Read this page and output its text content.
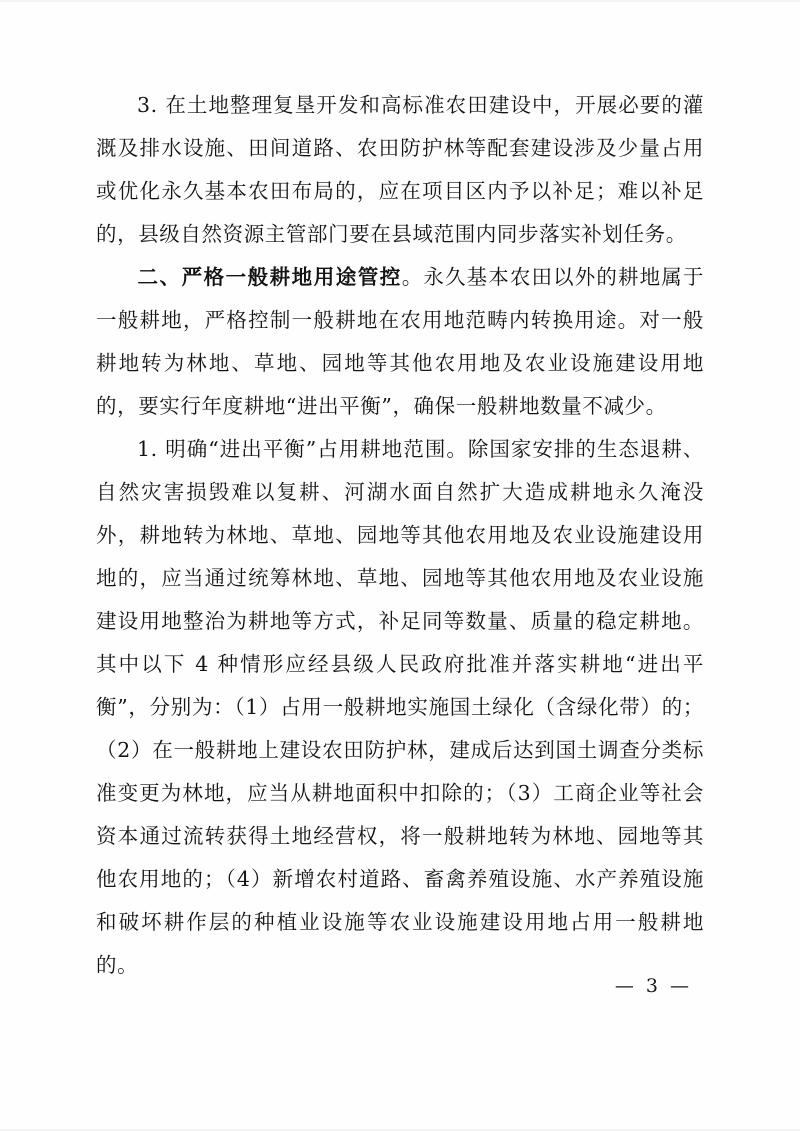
3. 在土地整理复垦开发和高标准农田建设中，开展必要的灌溉及排水设施、田间道路、农田防护林等配套建设涉及少量占用或优化永久基本农田布局的，应在项目区内予以补足；难以补足的，县级自然资源主管部门要在县域范围内同步落实补划任务。

二、严格一般耕地用途管控。永久基本农田以外的耕地属于一般耕地，严格控制一般耕地在农用地范畴内转换用途。对一般耕地转为林地、草地、园地等其他农用地及农业设施建设用地的，要实行年度耕地“进出平衡”，确保一般耕地数量不减少。

1. 明确“进出平衡”占用耕地范围。除国家安排的生态退耕、自然灾害损毁难以复耕、河湖水面自然扩大造成耕地永久淹没外，耕地转为林地、草地、园地等其他农用地及农业设施建设用地的，应当通过统筹林地、草地、园地等其他农用地及农业设施建设用地整治为耕地等方式，补足同等数量、质量的稳定耕地。其中以下 4 种情形应经县级人民政府批准并落实耕地“进出平衡”，分别为：（1）占用一般耕地实施国土绿化（含绿化带）的；（2）在一般耕地上建设农田防护林，建成后达到国土调查分类标准变更为林地，应当从耕地面积中扣除的；（3）工商企业等社会资本通过流转获得土地经营权，将一般耕地转为林地、园地等其他农用地的；（4）新增农村道路、畜禽养殖设施、水产养殖设施和破坏耕作层的种植业设施等农业设施建设用地占用一般耕地的。

— 3 —
